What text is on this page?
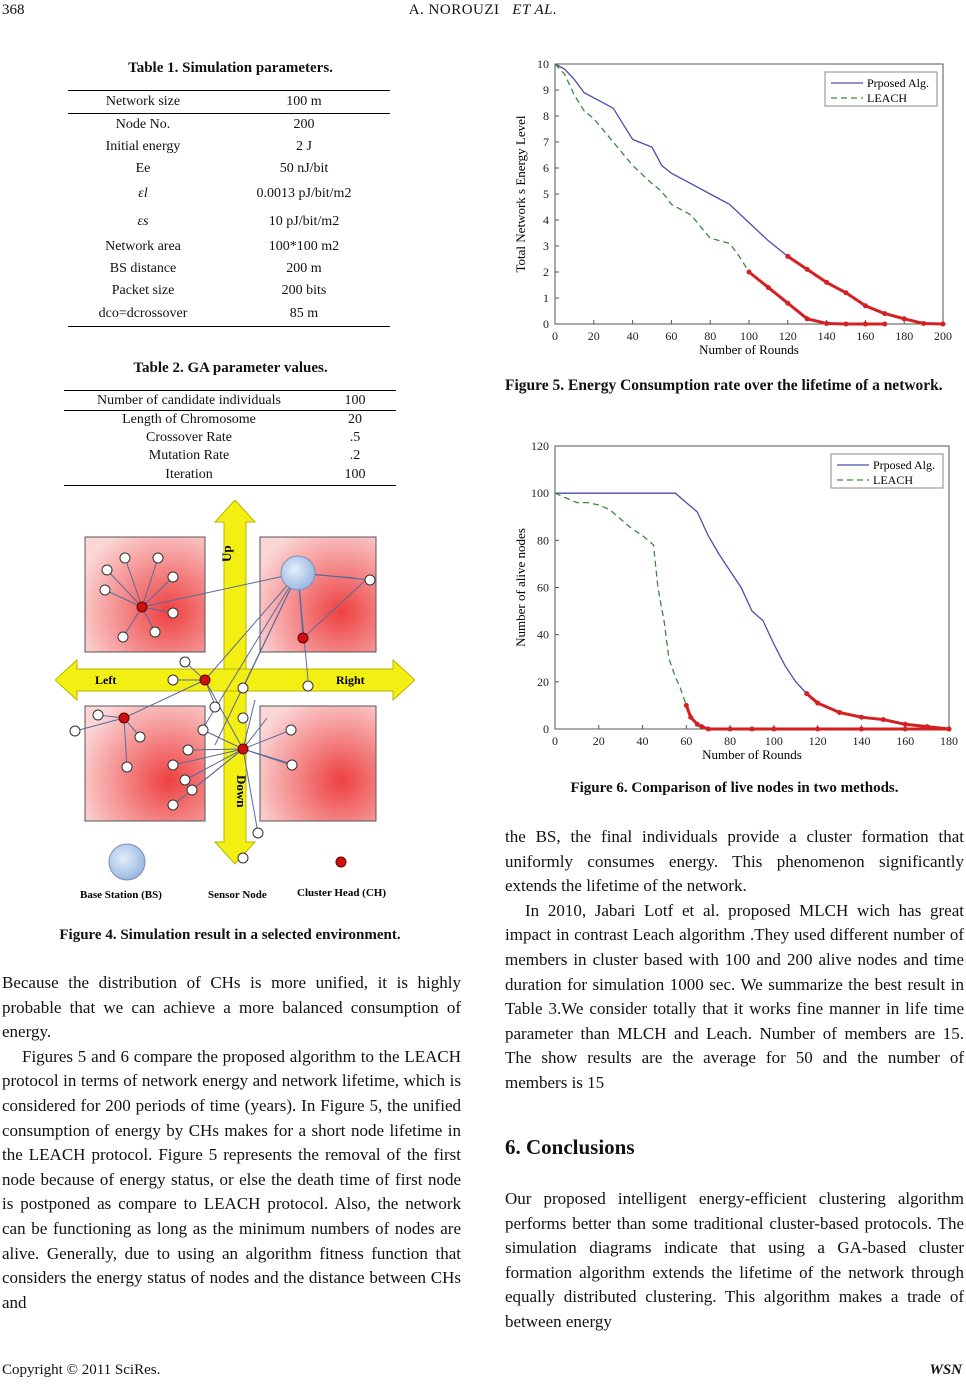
368	A. NOROUZI ET AL.
Table 1. Simulation parameters.
Network size	100 m
Node No.	200
Initial energy	2 J
Ee	50 nJ/bit
εl	0.0013 pJ/bit/m2
εs	10 pJ/bit/m2
Network area	100*100 m2
BS distance	200 m
Packet size	200 bits
dco=dcrossover	85 m
Table 2. GA parameter values.
Number of candidate individuals	100
Length of Chromosome	20
Crossover Rate	.5
Mutation Rate	.2
Iteration	100
Up
Down
Left	Right
Base Station (BS)	Sensor Node	Cluster Head (CH)
Figure 4. Simulation result in a selected environment.

Because the distribution of CHs is more unified, it is highly probable that we can achieve a more balanced consumption of energy.

Figures 5 and 6 compare the proposed algorithm to the LEACH protocol in terms of network energy and network lifetime, which is considered for 200 periods of time (years). In Figure 5, the unified consumption of energy by CHs makes for a short node lifetime in the LEACH protocol. Figure 5 represents the removal of the first node because of energy status, or else the death time of first node is postponed as compare to LEACH protocol. Also, the network can be functioning as long as the minimum numbers of nodes are alive. Generally, due to using an algorithm fitness function that considers the energy status of nodes and the distance between CHs and

0 20 40 60 80 100 120 140 160 180 200
0
1
2
3
4
5
6
7
8
9
10
Number of Rounds
Total Network s Energy Level
Prposed Alg.
LEACH
Figure 5. Energy Consumption rate over the lifetime of a network.
0	20	40	60	80 100 120 140 160 180
0
20
40
60
80
100
120
Number of Rounds
Number of alive nodes
Prposed Alg.
LEACH
Figure 6. Comparison of live nodes in two methods.

the BS, the final individuals provide a cluster formation that uniformly consumes energy. This phenomenon significantly extends the lifetime of the network.

In 2010, Jabari Lotf et al. proposed MLCH wich has great impact in contrast Leach algorithm .They used different number of members in cluster based with 100 and 200 alive nodes and time duration for simulation 1000 sec. We summarize the best result in Table 3.We consider totally that it works fine manner in life time parameter than MLCH and Leach. Number of members are 15. The show results are the average for 50 and the number of members is 15

6. Conclusions

Our proposed intelligent energy-efficient clustering algorithm performs better than some traditional cluster-based protocols. The simulation diagrams indicate that using a GA-based cluster formation algorithm extends the lifetime of the network through equally distributed clustering. This algorithm makes a trade of between energy

Copyright © 2011 SciRes.	WSN
